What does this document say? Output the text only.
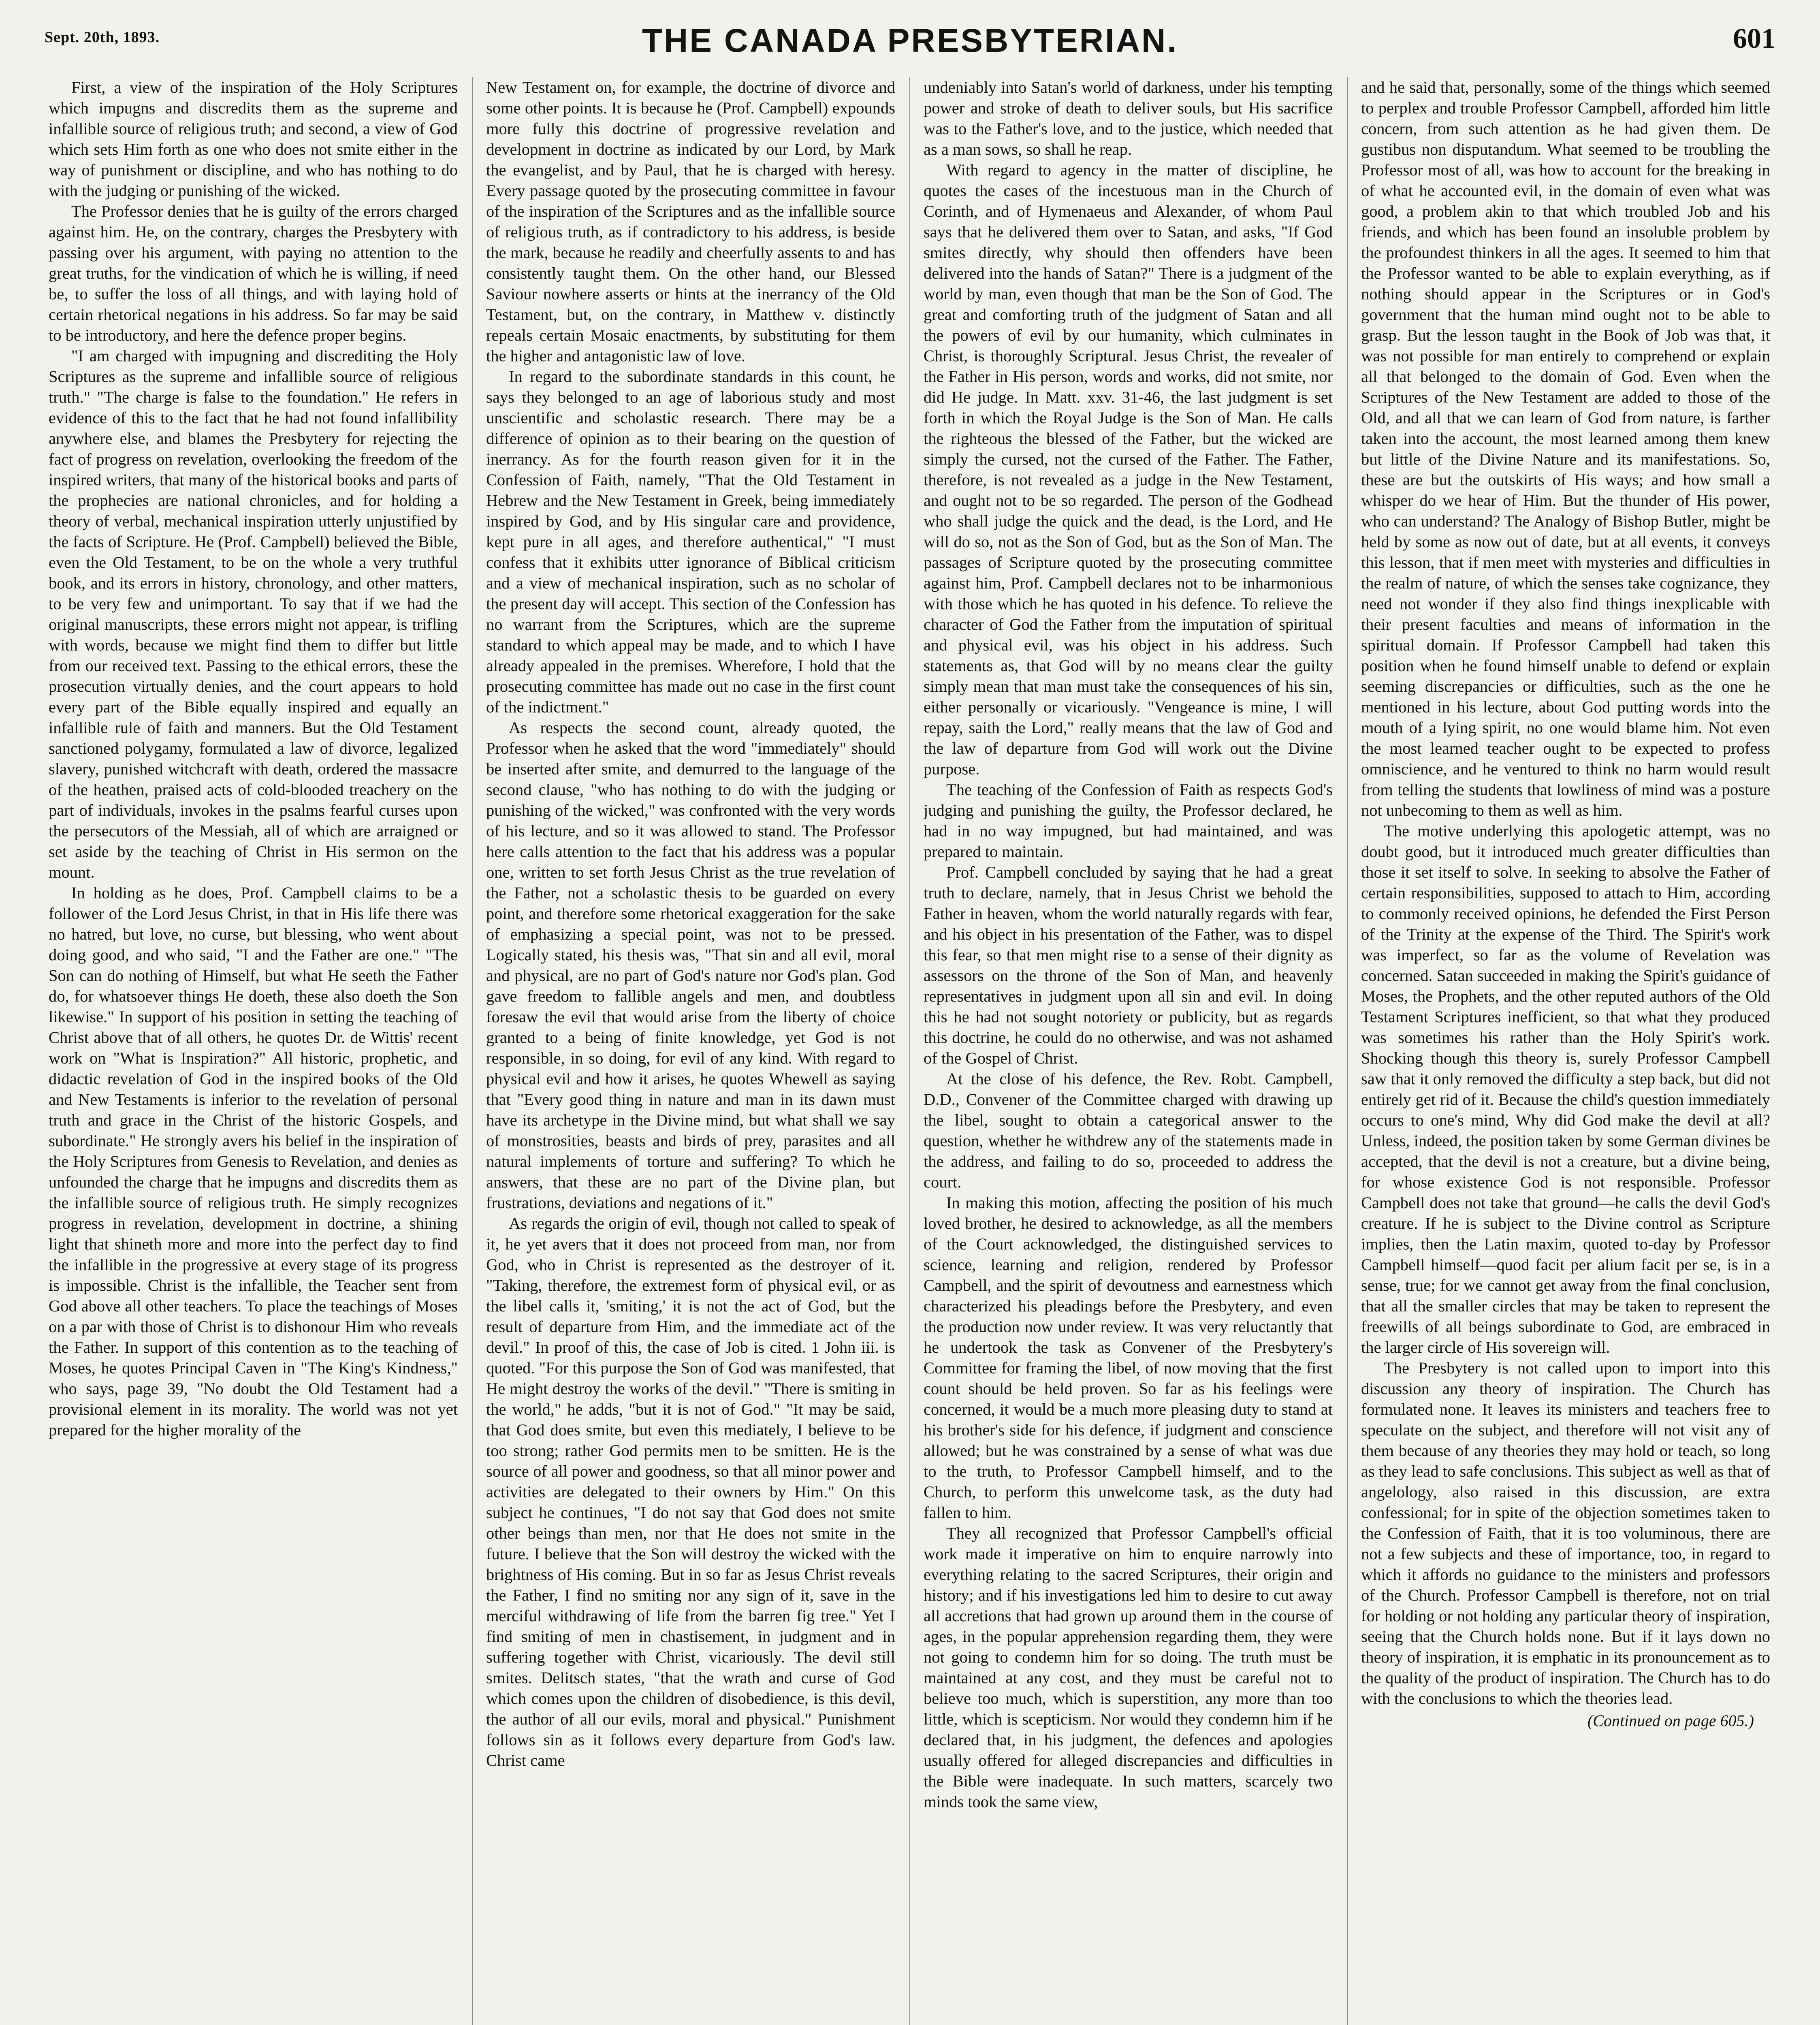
Sept. 20th, 1893.	THE CANADA PRESBYTERIAN.	601

First, a view of the inspiration of the Holy Scriptures which impugns and discredits them as the supreme and infallible source of religious truth; and second, a view of God which sets Him forth as one who does not smite either in the way of punishment or discipline, and who has nothing to do with the judging or punishing of the wicked.

The Professor denies that he is guilty of the errors charged against him. He, on the contrary, charges the Presbytery with passing over his argument, with paying no attention to the great truths, for the vindication of which he is willing, if need be, to suffer the loss of all things, and with laying hold of certain rhetorical negations in his address. So far may be said to be introductory, and here the defence proper begins.

"I am charged with impugning and discrediting the Holy Scriptures as the supreme and infallible source of religious truth." "The charge is false to the foundation." He refers in evidence of this to the fact that he had not found infallibility anywhere else, and blames the Presbytery for rejecting the fact of progress on revelation, overlooking the freedom of the inspired writers, that many of the historical books and parts of the prophecies are national chronicles, and for holding a theory of verbal, mechanical inspiration utterly unjustified by the facts of Scripture. He (Prof. Campbell) believed the Bible, even the Old Testament, to be on the whole a very truthful book, and its errors in history, chronology, and other matters, to be very few and unimportant. To say that if we had the original manuscripts, these errors might not appear, is trifling with words, because we might find them to differ but little from our received text. Passing to the ethical errors, these the prosecution virtually denies, and the court appears to hold every part of the Bible equally inspired and equally an infallible rule of faith and manners. But the Old Testament sanctioned polygamy, formulated a law of divorce, legalized slavery, punished witchcraft with death, ordered the massacre of the heathen, praised acts of cold-blooded treachery on the part of individuals, invokes in the psalms fearful curses upon the persecutors of the Messiah, all of which are arraigned or set aside by the teaching of Christ in His sermon on the mount.

In holding as he does, Prof. Campbell claims to be a follower of the Lord Jesus Christ, in that in His life there was no hatred, but love, no curse, but blessing, who went about doing good, and who said, "I and the Father are one." "The Son can do nothing of Himself, but what He seeth the Father do, for whatsoever things He doeth, these also doeth the Son likewise." In support of his position in setting the teaching of Christ above that of all others, he quotes Dr. de Wittis' recent work on "What is Inspiration?" All historic, prophetic, and didactic revelation of God in the inspired books of the Old and New Testaments is inferior to the revelation of personal truth and grace in the Christ of the historic Gospels, and subordinate." He strongly avers his belief in the inspiration of the Holy Scriptures from Genesis to Revelation, and denies as unfounded the charge that he impugns and discredits them as the infallible source of religious truth. He simply recognizes progress in revelation, development in doctrine, a shining light that shineth more and more into the perfect day to find the infallible in the progressive at every stage of its progress is impossible. Christ is the infallible, the Teacher sent from God above all other teachers. To place the teachings of Moses on a par with those of Christ is to dishonour Him who reveals the Father. In support of this contention as to the teaching of Moses, he quotes Principal Caven in "The King's Kindness," who says, page 39, "No doubt the Old Testament had a provisional element in its morality. The world was not yet prepared for the higher morality of the

New Testament on, for example, the doctrine of divorce and some other points. It is because he (Prof. Campbell) expounds more fully this doctrine of progressive revelation and development in doctrine as indicated by our Lord, by Mark the evangelist, and by Paul, that he is charged with heresy. Every passage quoted by the prosecuting committee in favour of the inspiration of the Scriptures and as the infallible source of religious truth, as if contradictory to his address, is beside the mark, because he readily and cheerfully assents to and has consistently taught them. On the other hand, our Blessed Saviour nowhere asserts or hints at the inerrancy of the Old Testament, but, on the contrary, in Matthew v. distinctly repeals certain Mosaic enactments, by substituting for them the higher and antagonistic law of love.

In regard to the subordinate standards in this count, he says they belonged to an age of laborious study and most unscientific and scholastic research. There may be a difference of opinion as to their bearing on the question of inerrancy. As for the fourth reason given for it in the Confession of Faith, namely, "That the Old Testament in Hebrew and the New Testament in Greek, being immediately inspired by God, and by His singular care and providence, kept pure in all ages, and therefore authentical," "I must confess that it exhibits utter ignorance of Biblical criticism and a view of mechanical inspiration, such as no scholar of the present day will accept. This section of the Confession has no warrant from the Scriptures, which are the supreme standard to which appeal may be made, and to which I have already appealed in the premises. Wherefore, I hold that the prosecuting committee has made out no case in the first count of the indictment."

As respects the second count, already quoted, the Professor when he asked that the word "immediately" should be inserted after smite, and demurred to the language of the second clause, "who has nothing to do with the judging or punishing of the wicked," was confronted with the very words of his lecture, and so it was allowed to stand. The Professor here calls attention to the fact that his address was a popular one, written to set forth Jesus Christ as the true revelation of the Father, not a scholastic thesis to be guarded on every point, and therefore some rhetorical exaggeration for the sake of emphasizing a special point, was not to be pressed. Logically stated, his thesis was, "That sin and all evil, moral and physical, are no part of God's nature nor God's plan. God gave freedom to fallible angels and men, and doubtless foresaw the evil that would arise from the liberty of choice granted to a being of finite knowledge, yet God is not responsible, in so doing, for evil of any kind. With regard to physical evil and how it arises, he quotes Whewell as saying that "Every good thing in nature and man in its dawn must have its archetype in the Divine mind, but what shall we say of monstrosities, beasts and birds of prey, parasites and all natural implements of torture and suffering? To which he answers, that these are no part of the Divine plan, but frustrations, deviations and negations of it."

As regards the origin of evil, though not called to speak of it, he yet avers that it does not proceed from man, nor from God, who in Christ is represented as the destroyer of it. "Taking, therefore, the extremest form of physical evil, or as the libel calls it, 'smiting,' it is not the act of God, but the result of departure from Him, and the immediate act of the devil." In proof of this, the case of Job is cited. 1 John iii. is quoted. "For this purpose the Son of God was manifested, that He might destroy the works of the devil." "There is smiting in the world," he adds, "but it is not of God." "It may be said, that God does smite, but even this mediately, I believe to be too strong; rather God permits men to be smitten. He is the source of all power and goodness, so that all minor power and activities are delegated to their owners by Him." On this subject he continues, "I do not say that God does not smite other beings than men, nor that He does not smite in the future. I believe that the Son will destroy the wicked with the brightness of His coming. But in so far as Jesus Christ reveals the Father, I find no smiting nor any sign of it, save in the merciful withdrawing of life from the barren fig tree." Yet I find smiting of men in chastisement, in judgment and in suffering together with Christ, vicariously. The devil still smites. Delitsch states, "that the wrath and curse of God which comes upon the children of disobedience, is this devil, the author of all our evils, moral and physical." Punishment follows sin as it follows every departure from God's law. Christ came

undeniably into Satan's world of darkness, under his tempting power and stroke of death to deliver souls, but His sacrifice was to the Father's love, and to the justice, which needed that as a man sows, so shall he reap.

With regard to agency in the matter of discipline, he quotes the cases of the incestuous man in the Church of Corinth, and of Hymenaeus and Alexander, of whom Paul says that he delivered them over to Satan, and asks, "If God smites directly, why should then offenders have been delivered into the hands of Satan?" There is a judgment of the world by man, even though that man be the Son of God. The great and comforting truth of the judgment of Satan and all the powers of evil by our humanity, which culminates in Christ, is thoroughly Scriptural. Jesus Christ, the revealer of the Father in His person, words and works, did not smite, nor did He judge. In Matt. xxv. 31-46, the last judgment is set forth in which the Royal Judge is the Son of Man. He calls the righteous the blessed of the Father, but the wicked are simply the cursed, not the cursed of the Father. The Father, therefore, is not revealed as a judge in the New Testament, and ought not to be so regarded. The person of the Godhead who shall judge the quick and the dead, is the Lord, and He will do so, not as the Son of God, but as the Son of Man. The passages of Scripture quoted by the prosecuting committee against him, Prof. Campbell declares not to be inharmonious with those which he has quoted in his defence. To relieve the character of God the Father from the imputation of spiritual and physical evil, was his object in his address. Such statements as, that God will by no means clear the guilty simply mean that man must take the consequences of his sin, either personally or vicariously. "Vengeance is mine, I will repay, saith the Lord," really means that the law of God and the law of departure from God will work out the Divine purpose.

The teaching of the Confession of Faith as respects God's judging and punishing the guilty, the Professor declared, he had in no way impugned, but had maintained, and was prepared to maintain.

Prof. Campbell concluded by saying that he had a great truth to declare, namely, that in Jesus Christ we behold the Father in heaven, whom the world naturally regards with fear, and his object in his presentation of the Father, was to dispel this fear, so that men might rise to a sense of their dignity as assessors on the throne of the Son of Man, and heavenly representatives in judgment upon all sin and evil. In doing this he had not sought notoriety or publicity, but as regards this doctrine, he could do no otherwise, and was not ashamed of the Gospel of Christ.

At the close of his defence, the Rev. Robt. Campbell, D.D., Convener of the Committee charged with drawing up the libel, sought to obtain a categorical answer to the question, whether he withdrew any of the statements made in the address, and failing to do so, proceeded to address the court.

In making this motion, affecting the position of his much loved brother, he desired to acknowledge, as all the members of the Court acknowledged, the distinguished services to science, learning and religion, rendered by Professor Campbell, and the spirit of devoutness and earnestness which characterized his pleadings before the Presbytery, and even the production now under review. It was very reluctantly that he undertook the task as Convener of the Presbytery's Committee for framing the libel, of now moving that the first count should be held proven. So far as his feelings were concerned, it would be a much more pleasing duty to stand at his brother's side for his defence, if judgment and conscience allowed; but he was constrained by a sense of what was due to the truth, to Professor Campbell himself, and to the Church, to perform this unwelcome task, as the duty had fallen to him.

They all recognized that Professor Campbell's official work made it imperative on him to enquire narrowly into everything relating to the sacred Scriptures, their origin and history; and if his investigations led him to desire to cut away all accretions that had grown up around them in the course of ages, in the popular apprehension regarding them, they were not going to condemn him for so doing. The truth must be maintained at any cost, and they must be careful not to believe too much, which is superstition, any more than too little, which is scepticism. Nor would they condemn him if he declared that, in his judgment, the defences and apologies usually offered for alleged discrepancies and difficulties in the Bible were inadequate. In such matters, scarcely two minds took the same view,

and he said that, personally, some of the things which seemed to perplex and trouble Professor Campbell, afforded him little concern, from such attention as he had given them. De gustibus non disputandum. What seemed to be troubling the Professor most of all, was how to account for the breaking in of what he accounted evil, in the domain of even what was good, a problem akin to that which troubled Job and his friends, and which has been found an insoluble problem by the profoundest thinkers in all the ages. It seemed to him that the Professor wanted to be able to explain everything, as if nothing should appear in the Scriptures or in God's government that the human mind ought not to be able to grasp. But the lesson taught in the Book of Job was that, it was not possible for man entirely to comprehend or explain all that belonged to the domain of God. Even when the Scriptures of the New Testament are added to those of the Old, and all that we can learn of God from nature, is farther taken into the account, the most learned among them knew but little of the Divine Nature and its manifestations. So, these are but the outskirts of His ways; and how small a whisper do we hear of Him. But the thunder of His power, who can understand? The Analogy of Bishop Butler, might be held by some as now out of date, but at all events, it conveys this lesson, that if men meet with mysteries and difficulties in the realm of nature, of which the senses take cognizance, they need not wonder if they also find things inexplicable with their present faculties and means of information in the spiritual domain. If Professor Campbell had taken this position when he found himself unable to defend or explain seeming discrepancies or difficulties, such as the one he mentioned in his lecture, about God putting words into the mouth of a lying spirit, no one would blame him. Not even the most learned teacher ought to be expected to profess omniscience, and he ventured to think no harm would result from telling the students that lowliness of mind was a posture not unbecoming to them as well as him.

The motive underlying this apologetic attempt, was no doubt good, but it introduced much greater difficulties than those it set itself to solve. In seeking to absolve the Father of certain responsibilities, supposed to attach to Him, according to commonly received opinions, he defended the First Person of the Trinity at the expense of the Third. The Spirit's work was imperfect, so far as the volume of Revelation was concerned. Satan succeeded in making the Spirit's guidance of Moses, the Prophets, and the other reputed authors of the Old Testament Scriptures inefficient, so that what they produced was sometimes his rather than the Holy Spirit's work. Shocking though this theory is, surely Professor Campbell saw that it only removed the difficulty a step back, but did not entirely get rid of it. Because the child's question immediately occurs to one's mind, Why did God make the devil at all? Unless, indeed, the position taken by some German divines be accepted, that the devil is not a creature, but a divine being, for whose existence God is not responsible. Professor Campbell does not take that ground—he calls the devil God's creature. If he is subject to the Divine control as Scripture implies, then the Latin maxim, quoted to-day by Professor Campbell himself—quod facit per alium facit per se, is in a sense, true; for we cannot get away from the final conclusion, that all the smaller circles that may be taken to represent the freewills of all beings subordinate to God, are embraced in the larger circle of His sovereign will.

The Presbytery is not called upon to import into this discussion any theory of inspiration. The Church has formulated none. It leaves its ministers and teachers free to speculate on the subject, and therefore will not visit any of them because of any theories they may hold or teach, so long as they lead to safe conclusions. This subject as well as that of angelology, also raised in this discussion, are extra confessional; for in spite of the objection sometimes taken to the Confession of Faith, that it is too voluminous, there are not a few subjects and these of importance, too, in regard to which it affords no guidance to the ministers and professors of the Church. Professor Campbell is therefore, not on trial for holding or not holding any particular theory of inspiration, seeing that the Church holds none. But if it lays down no theory of inspiration, it is emphatic in its pronouncement as to the quality of the product of inspiration. The Church has to do with the conclusions to which the theories lead.

(Continued on page 605.)
